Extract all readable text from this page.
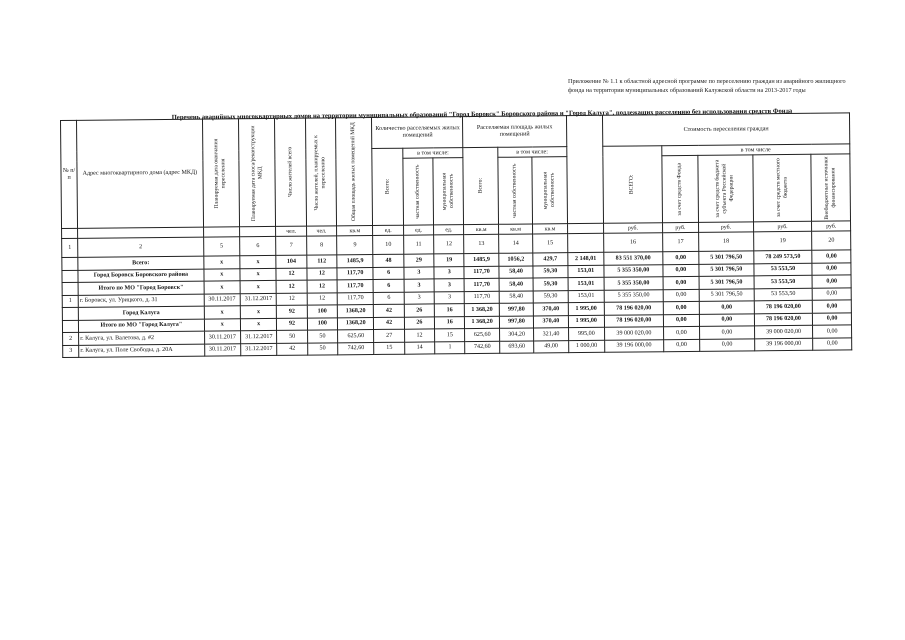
Приложение № 1.1 к областной адресной программе по переселению граждан из аварийного жилищного фонда на территории муниципальных образований Калужской области на 2013-2017 годы
Перечень аварийных многоквартирных домов на территории муниципальных образований "Город Боровск" Боровского района и "Город Калуга", подлежащих расселению без использования средств Фонда
№ п/п	Адрес многоквартирного дома (адрес МКД)	Планируемая дата окончания переселения	Планируемая дата сноса/реконструкции МКД	Число жителей всего	Число жителей, планируемых к переселению	Общая площадь жилых помещений МКД	Количество расселяемых жилых помещений			Расселяемая площадь жилых помещений				Стоимость переселения граждан				

							Всего:	в том числе:		Всего:	в том числе:			ВСЕГО:	в том числе			

								частная собственность	муниципальная собственность		частная собственность	муниципальная собственность			за счет средств Фонда	за счет средств бюджета субъекта Российской Федерации	за счет средств местного бюджета	Внебюджетные источники финансирования

				чел.	чел.	кв.м	ед.	ед.	ед.	кв.м	кв.м	кв.м		руб.	руб.	руб.	руб.	руб.
1	2	5	6	7	8	9	10	11	12	13	14	15		16	17	18	19	20
	Всего:	x	x	104	112	1485,9	48	29	19	1485,9	1056,2	429,7	2 148,01	83 551 370,00	0,00	5 301 796,50	78 249 573,50	0,00
	Город Боровск Боровского района	x	x	12	12	117,70	6	3	3	117,70	58,40	59,30	153,01	5 355 350,00	0,00	5 301 796,50	53 553,50	0,00
	Итого по МО "Город Боровск"	x	x	12	12	117,70	6	3	3	117,70	58,40	59,30	153,01	5 355 350,00	0,00	5 301 796,50	53 553,50	0,00
1	г. Боровск, ул. Урицкого, д. 31	30.11.2017	31.12.2017	12	12	117,70	6	3	3	117,70	58,40	59,30	153,01	5 355 350,00	0,00	5 301 796,50	53 553,50	0,00
	Город Калуга	x	x	92	100	1368,20	42	26	16	1 368,20	997,80	370,40	1 995,00	78 196 020,00	0,00	0,00	78 196 020,00	0,00
	Итого по МО "Город Калуга"	x	x	92	100	1368,20	42	26	16	1 368,20	997,80	370,40	1 995,00	78 196 020,00	0,00	0,00	78 196 020,00	0,00
2	г. Калуга, ул. Валетова, д. #2	30.11.2017	31.12.2017	50	50	625,60	27	12	15	625,60	304,20	321,40	995,00	39 000 020,00	0,00	0,00	39 000 020,00	0,00
3	г. Калуга, ул. Поле Свободы, д. 20А	30.11.2017	31.12.2017	42	50	742,60	15	14	1	742,60	693,60	49,00	1 000,00	39 196 000,00	0,00	0,00	39 196 000,00	0,00
